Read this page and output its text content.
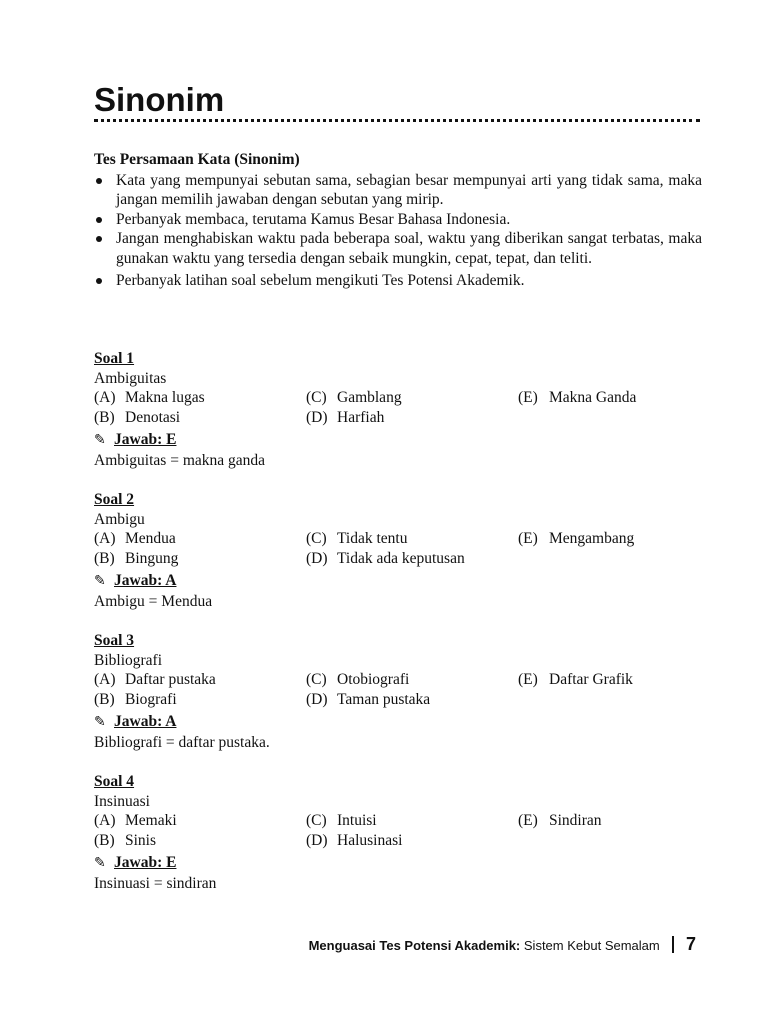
Sinonim
Tes Persamaan Kata (Sinonim)
Kata yang mempunyai sebutan sama, sebagian besar mempunyai arti yang tidak sama, maka jangan memilih jawaban dengan sebutan yang mirip.
Perbanyak membaca, terutama Kamus Besar Bahasa Indonesia.
Jangan menghabiskan waktu pada beberapa soal, waktu yang diberikan sangat terbatas, maka gunakan waktu yang tersedia dengan sebaik mungkin, cepat, tepat, dan teliti.
Perbanyak latihan soal sebelum mengikuti Tes Potensi Akademik.
Soal 1
Ambiguitas
(A) Makna lugas	(C) Gamblang	(E) Makna Ganda
(B) Denotasi	(D) Harfiah
✎ Jawab: E
Ambiguitas = makna ganda
Soal 2
Ambigu
(A) Mendua	(C) Tidak tentu	(E) Mengambang
(B) Bingung	(D) Tidak ada keputusan
✎ Jawab: A
Ambigu = Mendua
Soal 3
Bibliografi
(A) Daftar pustaka	(C) Otobiografi	(E) Daftar Grafik
(B) Biografi	(D) Taman pustaka
✎ Jawab: A
Bibliografi = daftar pustaka.
Soal 4
Insinuasi
(A) Memaki	(C) Intuisi	(E) Sindiran
(B) Sinis	(D) Halusinasi
✎ Jawab: E
Insinuasi = sindiran
Menguasai Tes Potensi Akademik: Sistem Kebut Semalam 7
